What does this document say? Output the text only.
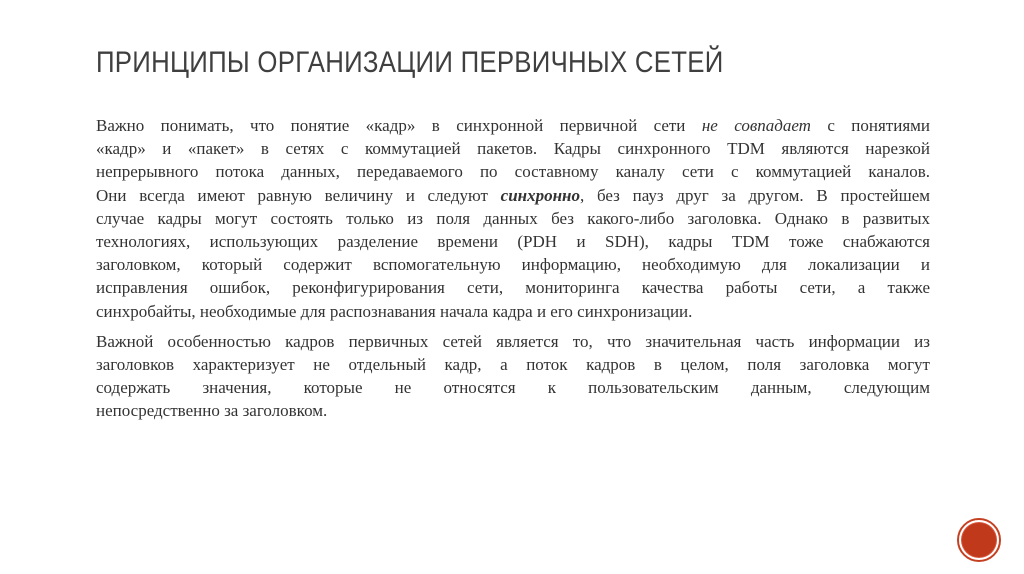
ПРИНЦИПЫ ОРГАНИЗАЦИИ ПЕРВИЧНЫХ СЕТЕЙ
Важно понимать, что понятие «кадр» в синхронной первичной сети не совпадает с понятиями
«кадр» и «пакет» в сетях с коммутацией пакетов. Кадры синхронного TDM являются нарезкой
непрерывного потока данных, передаваемого по составному каналу сети с коммутацией каналов.
Они всегда имеют равную величину и следуют синхронно, без пауз друг за другом. В простейшем
случае кадры могут состоять только из поля данных без какого-либо заголовка. Однако в развитых
технологиях, использующих разделение времени (PDH и SDH), кадры TDM тоже снабжаются
заголовком, который содержит вспомогательную информацию, необходимую для локализации и
исправления ошибок, реконфигурирования сети, мониторинга качества работы сети, а также
синхробайты, необходимые для распознавания начала кадра и его синхронизации.
Важной особенностью кадров первичных сетей является то, что значительная часть информации из
заголовков характеризует не отдельный кадр, а поток кадров в целом, поля заголовка могут
содержать значения, которые не относятся к пользовательским данным, следующим
непосредственно за заголовком.
